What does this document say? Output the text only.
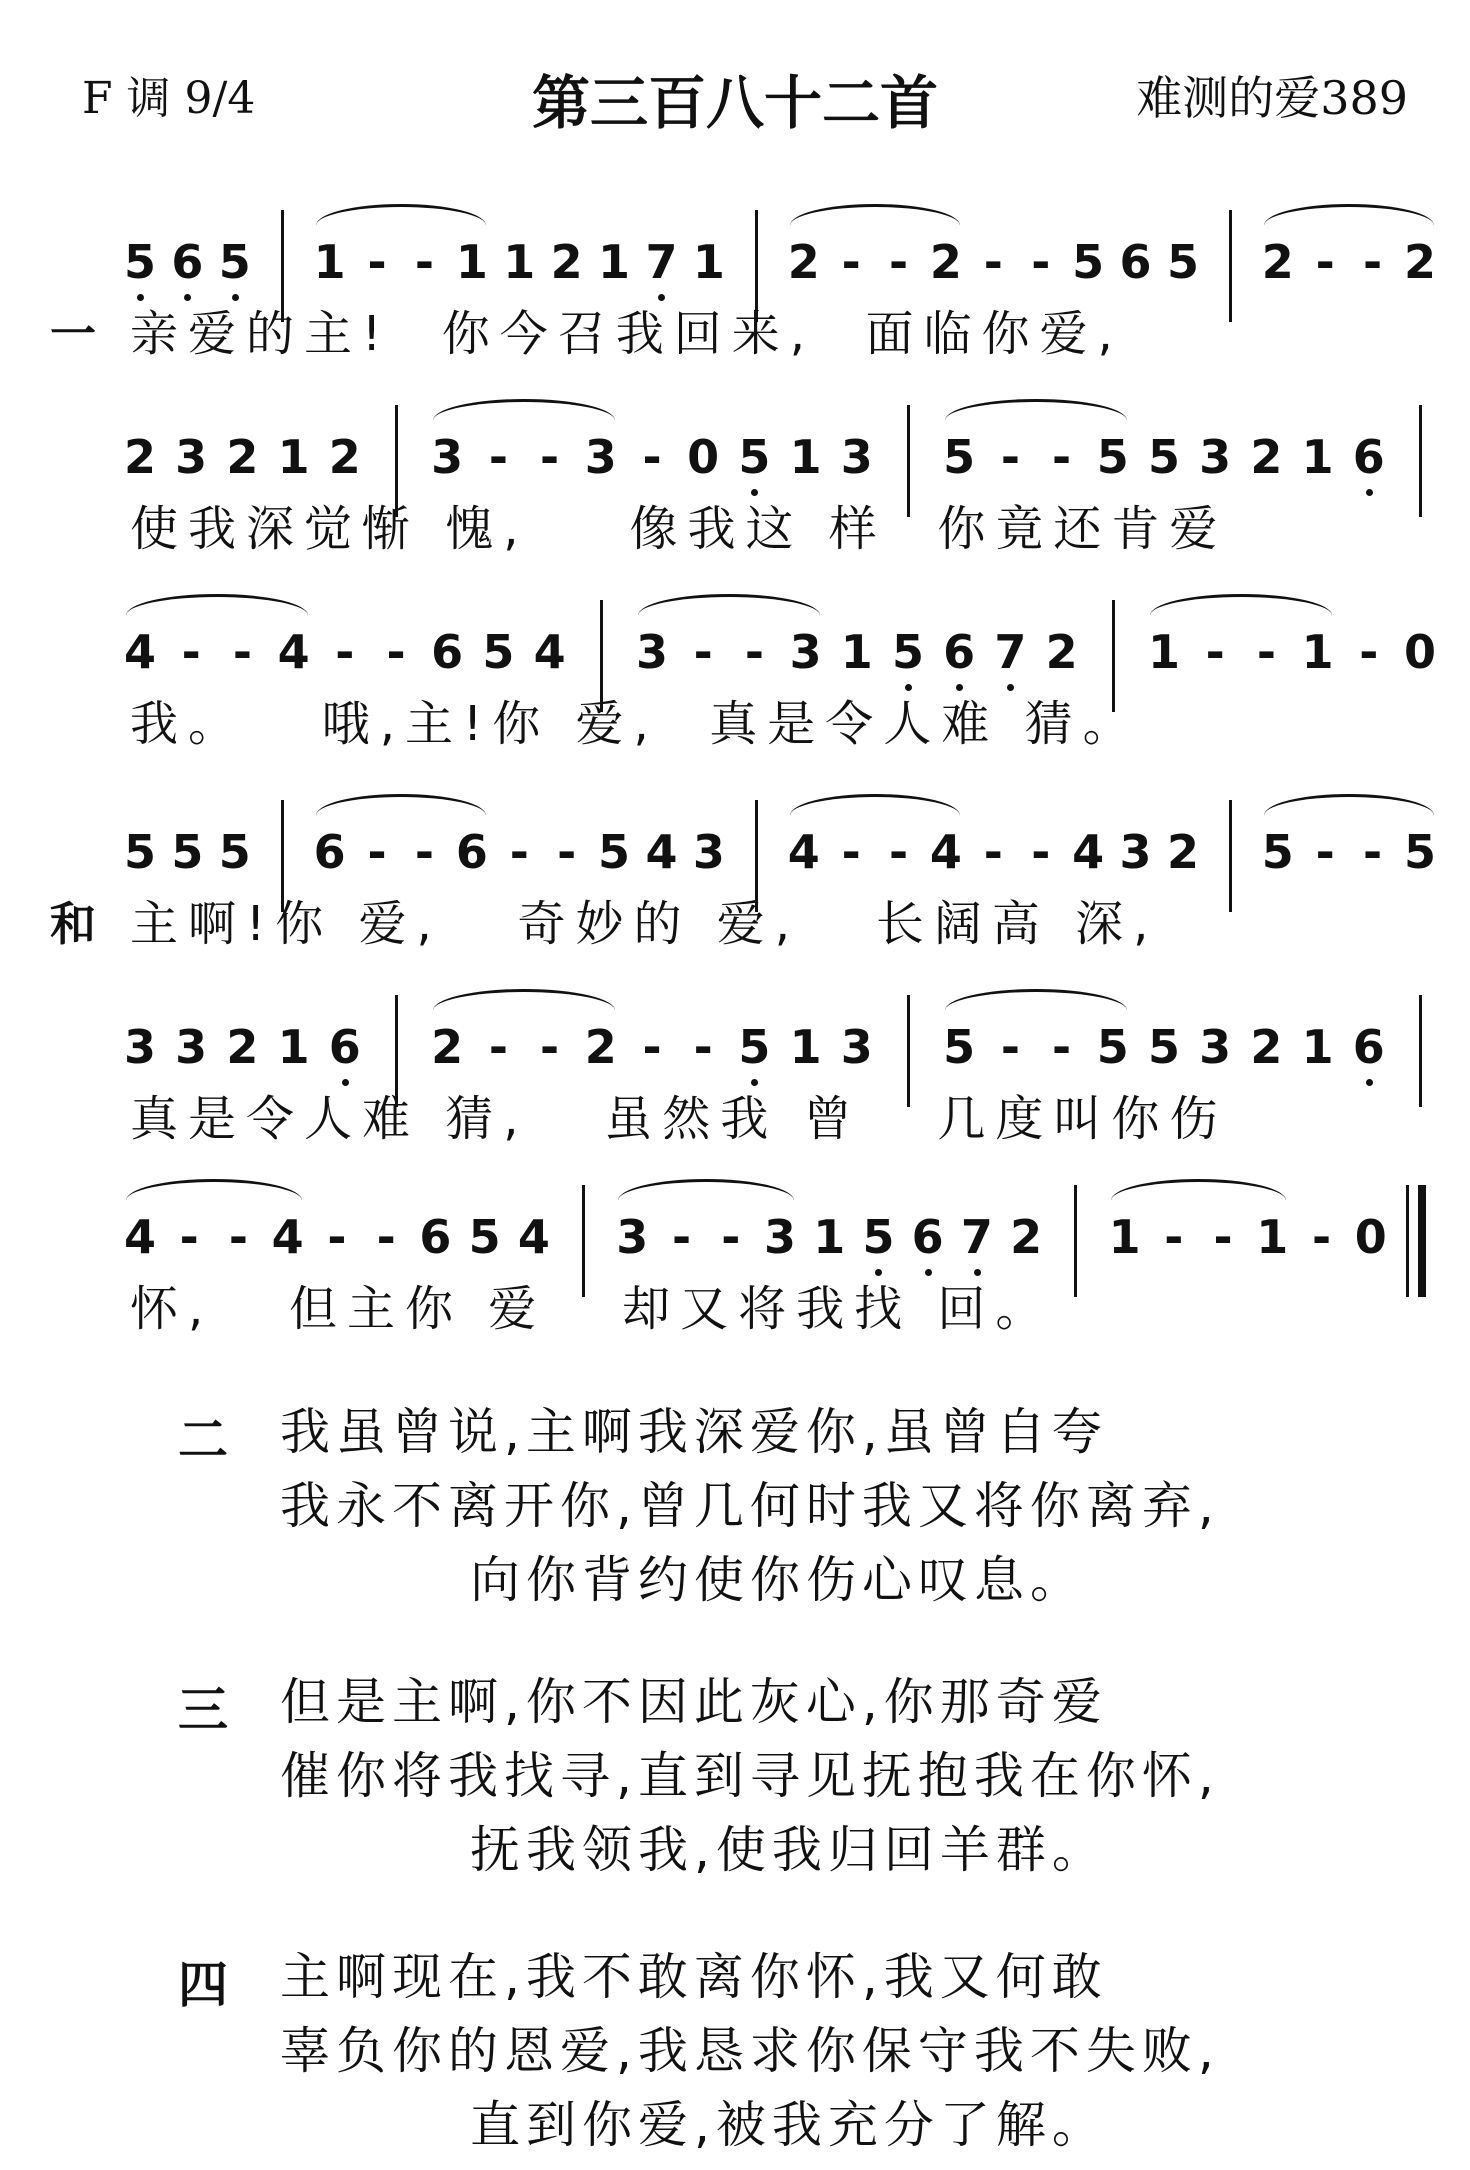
F 调 9/4	第三百八十二首	难测的爱389
5 6 5 1 - - 1 1 2 1 7 1 2 - - 2 - - 5 6 5 2 - - 2
一 亲爱的主!  你今召我回来,  面临你爱,
2 3 2 1 2 3 - - 3 - 0 5 1 3 5 - - 5 5 3 2 1 6
使我深觉惭 愧,    像我这 样  你竟还肯爱
4 - - 4 - - 6 5 4 3 - - 3 1 5 6 7 2 1 - - 1 - 0
我。   哦,主!你 爱,  真是令人难 猜。
5 5 5 6 - - 6 - - 5 4 3 4 - - 4 - - 4 3 2 5 - - 5
和 主啊!你 爱,   奇妙的 爱,   长阔高 深,
3 3 2 1 6 2 - - 2 - - 5 1 3 5 - - 5 5 3 2 1 6
真是令人难 猜,   虽然我 曾   几度叫你伤
4 - - 4 - - 6 5 4 3 - - 3 1 5 6 7 2 1 - - 1 - 0
怀,   但主你 爱   却又将我找 回。
二 我虽曾说,主啊我深爱你,虽曾自夸
我永不离开你,曾几何时我又将你离弃,
向你背约使你伤心叹息。
三 但是主啊,你不因此灰心,你那奇爱
催你将我找寻,直到寻见抚抱我在你怀,
抚我领我,使我归回羊群。
四 主啊现在,我不敢离你怀,我又何敢
辜负你的恩爱,我恳求你保守我不失败,
直到你爱,被我充分了解。
